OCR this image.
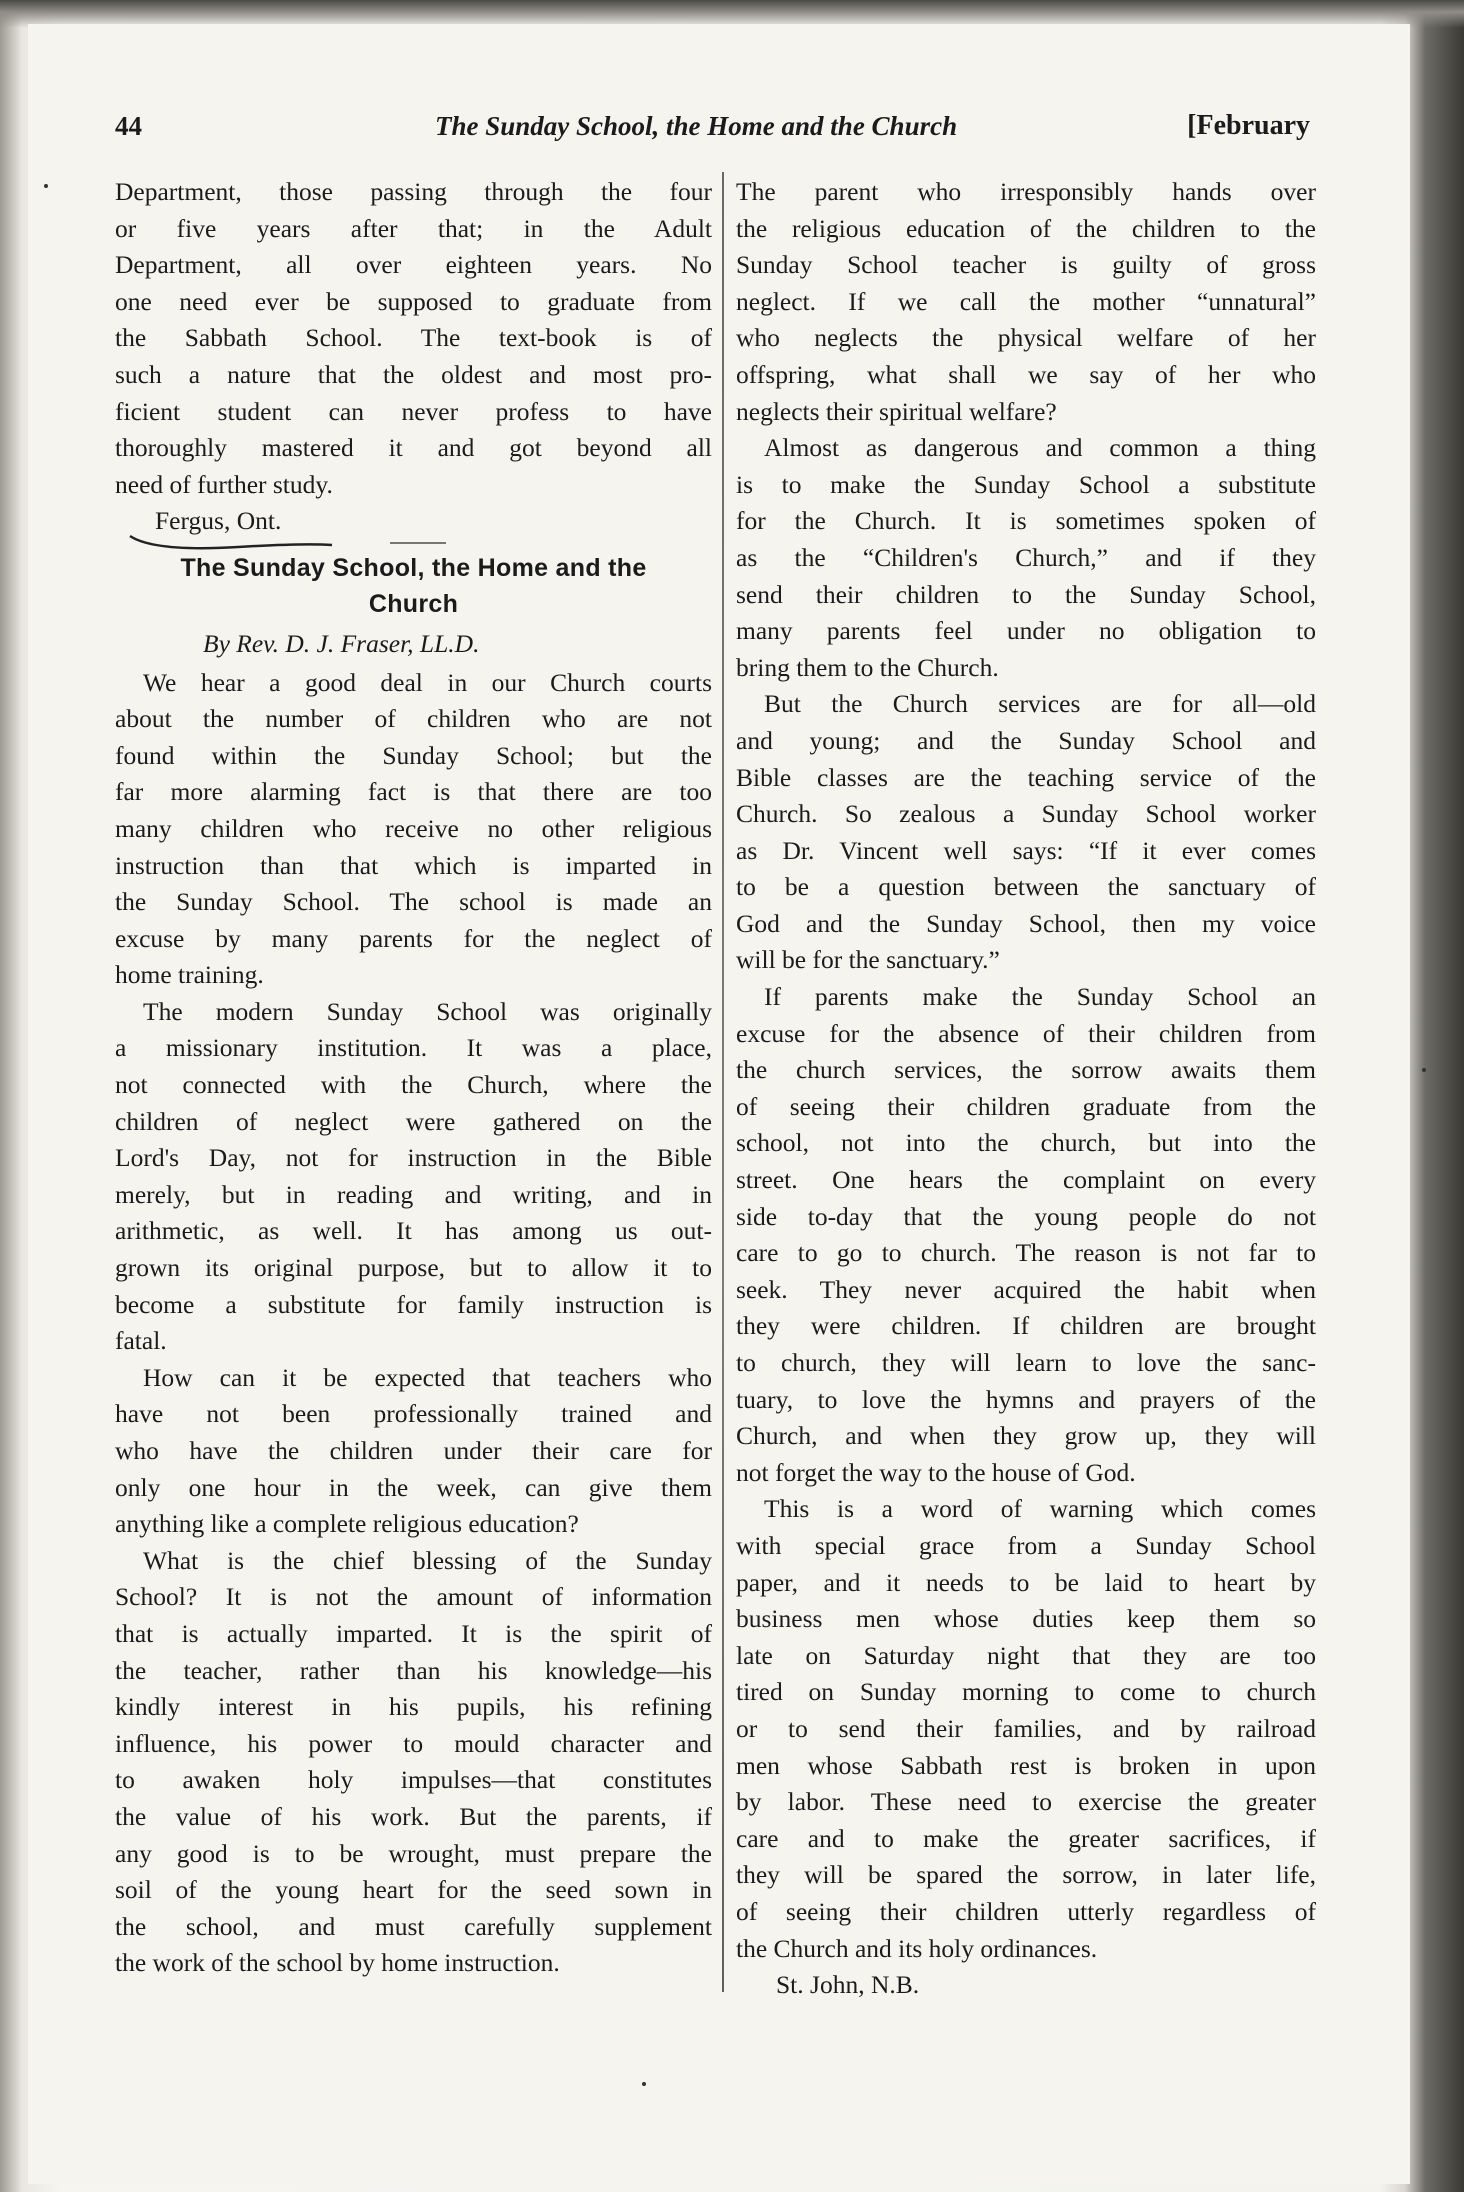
44	The Sunday School, the Home and the Church	[February

Department, those passing through the four
or five years after that; in the Adult
Department, all over eighteen years. No
one need ever be supposed to graduate from
the Sabbath School. The text-book is of
such a nature that the oldest and most pro-
ficient student can never profess to have
thoroughly mastered it and got beyond all
need of further study.

Fergus, Ont.
The Sunday School, the Home and the
Church
By Rev. D. J. Fraser, LL.D.

We hear a good deal in our Church courts
about the number of children who are not
found within the Sunday School; but the
far more alarming fact is that there are too
many children who receive no other religious
instruction than that which is imparted in
the Sunday School. The school is made an
excuse by many parents for the neglect of
home training.

The modern Sunday School was originally
a missionary institution. It was a place,
not connected with the Church, where the
children of neglect were gathered on the
Lord's Day, not for instruction in the Bible
merely, but in reading and writing, and in
arithmetic, as well. It has among us out-
grown its original purpose, but to allow it to
become a substitute for family instruction is
fatal.

How can it be expected that teachers who
have not been professionally trained and
who have the children under their care for
only one hour in the week, can give them
anything like a complete religious education?

What is the chief blessing of the Sunday
School? It is not the amount of information
that is actually imparted. It is the spirit of
the teacher, rather than his knowledge—his
kindly interest in his pupils, his refining
influence, his power to mould character and
to awaken holy impulses—that constitutes
the value of his work. But the parents, if
any good is to be wrought, must prepare the
soil of the young heart for the seed sown in
the school, and must carefully supplement
the work of the school by home instruction.

The parent who irresponsibly hands over
the religious education of the children to the
Sunday School teacher is guilty of gross
neglect. If we call the mother “unnatural”
who neglects the physical welfare of her
offspring, what shall we say of her who
neglects their spiritual welfare?

Almost as dangerous and common a thing
is to make the Sunday School a substitute
for the Church. It is sometimes spoken of
as the “Children's Church,” and if they
send their children to the Sunday School,
many parents feel under no obligation to
bring them to the Church.

But the Church services are for all—old
and young; and the Sunday School and
Bible classes are the teaching service of the
Church. So zealous a Sunday School worker
as Dr. Vincent well says: “If it ever comes
to be a question between the sanctuary of
God and the Sunday School, then my voice
will be for the sanctuary.”

If parents make the Sunday School an
excuse for the absence of their children from
the church services, the sorrow awaits them
of seeing their children graduate from the
school, not into the church, but into the
street. One hears the complaint on every
side to-day that the young people do not
care to go to church. The reason is not far to
seek. They never acquired the habit when
they were children. If children are brought
to church, they will learn to love the sanc-
tuary, to love the hymns and prayers of the
Church, and when they grow up, they will
not forget the way to the house of God.

This is a word of warning which comes
with special grace from a Sunday School
paper, and it needs to be laid to heart by
business men whose duties keep them so
late on Saturday night that they are too
tired on Sunday morning to come to church
or to send their families, and by railroad
men whose Sabbath rest is broken in upon
by labor. These need to exercise the greater
care and to make the greater sacrifices, if
they will be spared the sorrow, in later life,
of seeing their children utterly regardless of
the Church and its holy ordinances.

St. John, N.B.
